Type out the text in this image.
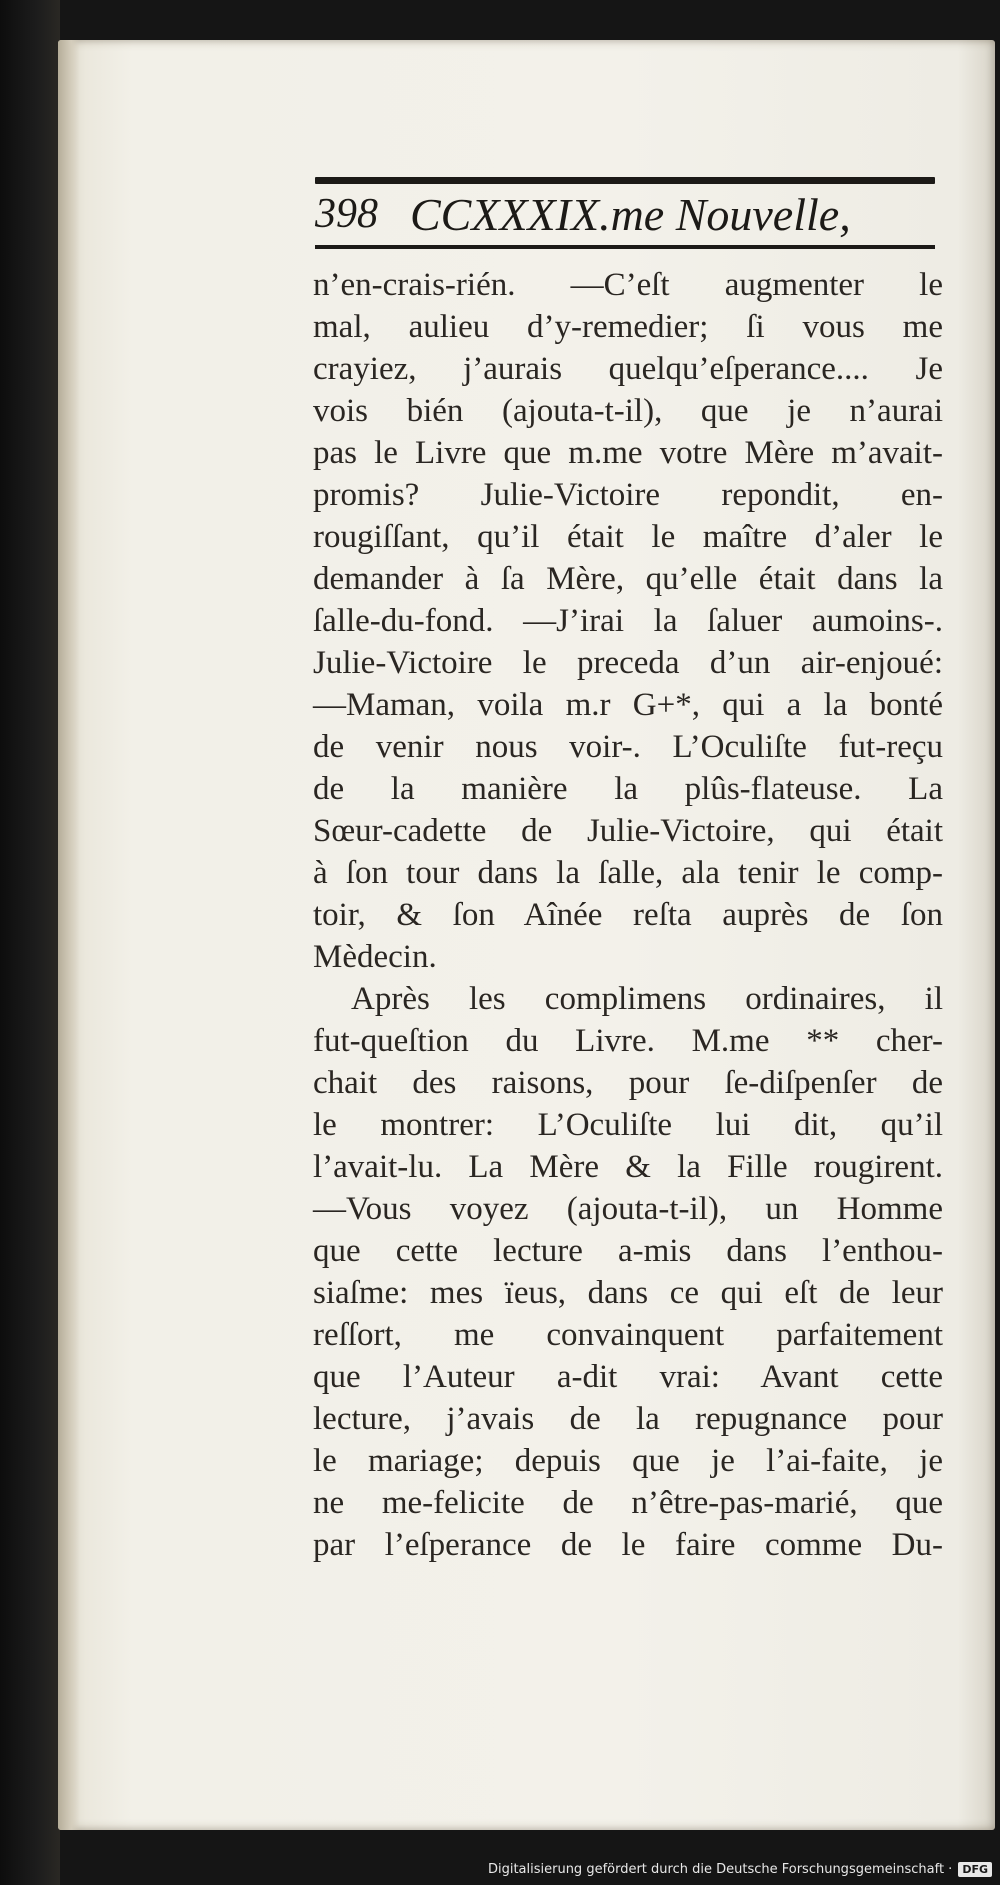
398 CCXXXIX.me Nouvelle,
n’en-crais-rién. —C’eſt augmenter le
mal, aulieu d’y-remedier; ſi vous me
crayiez, j’aurais quelqu’eſperance.... Je
vois bién (ajouta-t-il), que je n’aurai
pas le Livre que m.me votre Mère m’avait-
promis? Julie-Victoire repondit, en-
rougiſſant, qu’il était le maître d’aler le
demander à ſa Mère, qu’elle était dans la
ſalle-du-fond. —J’irai la ſaluer aumoins-.
Julie-Victoire le preceda d’un air-enjoué:
—Maman, voila m.r G+*, qui a la bonté
de venir nous voir-. L’Oculiſte fut-reçu
de la manière la plûs-flateuse. La
Sœur-cadette de Julie-Victoire, qui était
à ſon tour dans la ſalle, ala tenir le comp-
toir, & ſon Aînée reſta auprès de ſon
Mèdecin.
Après les complimens ordinaires, il
fut-queſtion du Livre. M.me ** cher-
chait des raisons, pour ſe-diſpenſer de
le montrer: L’Oculiſte lui dit, qu’il
l’avait-lu. La Mère & la Fille rougirent.
—Vous voyez (ajouta-t-il), un Homme
que cette lecture a-mis dans l’enthou-
siaſme: mes ïeus, dans ce qui eſt de leur
reſſort, me convainquent parfaitement
que l’Auteur a-dit vrai: Avant cette
lecture, j’avais de la repugnance pour
le mariage; depuis que je l’ai-faite, je
ne me-felicite de n’être-pas-marié, que
par l’eſperance de le faire comme Du-
Digitalisierung gefördert durch die Deutsche Forschungsgemeinschaft · DFG
